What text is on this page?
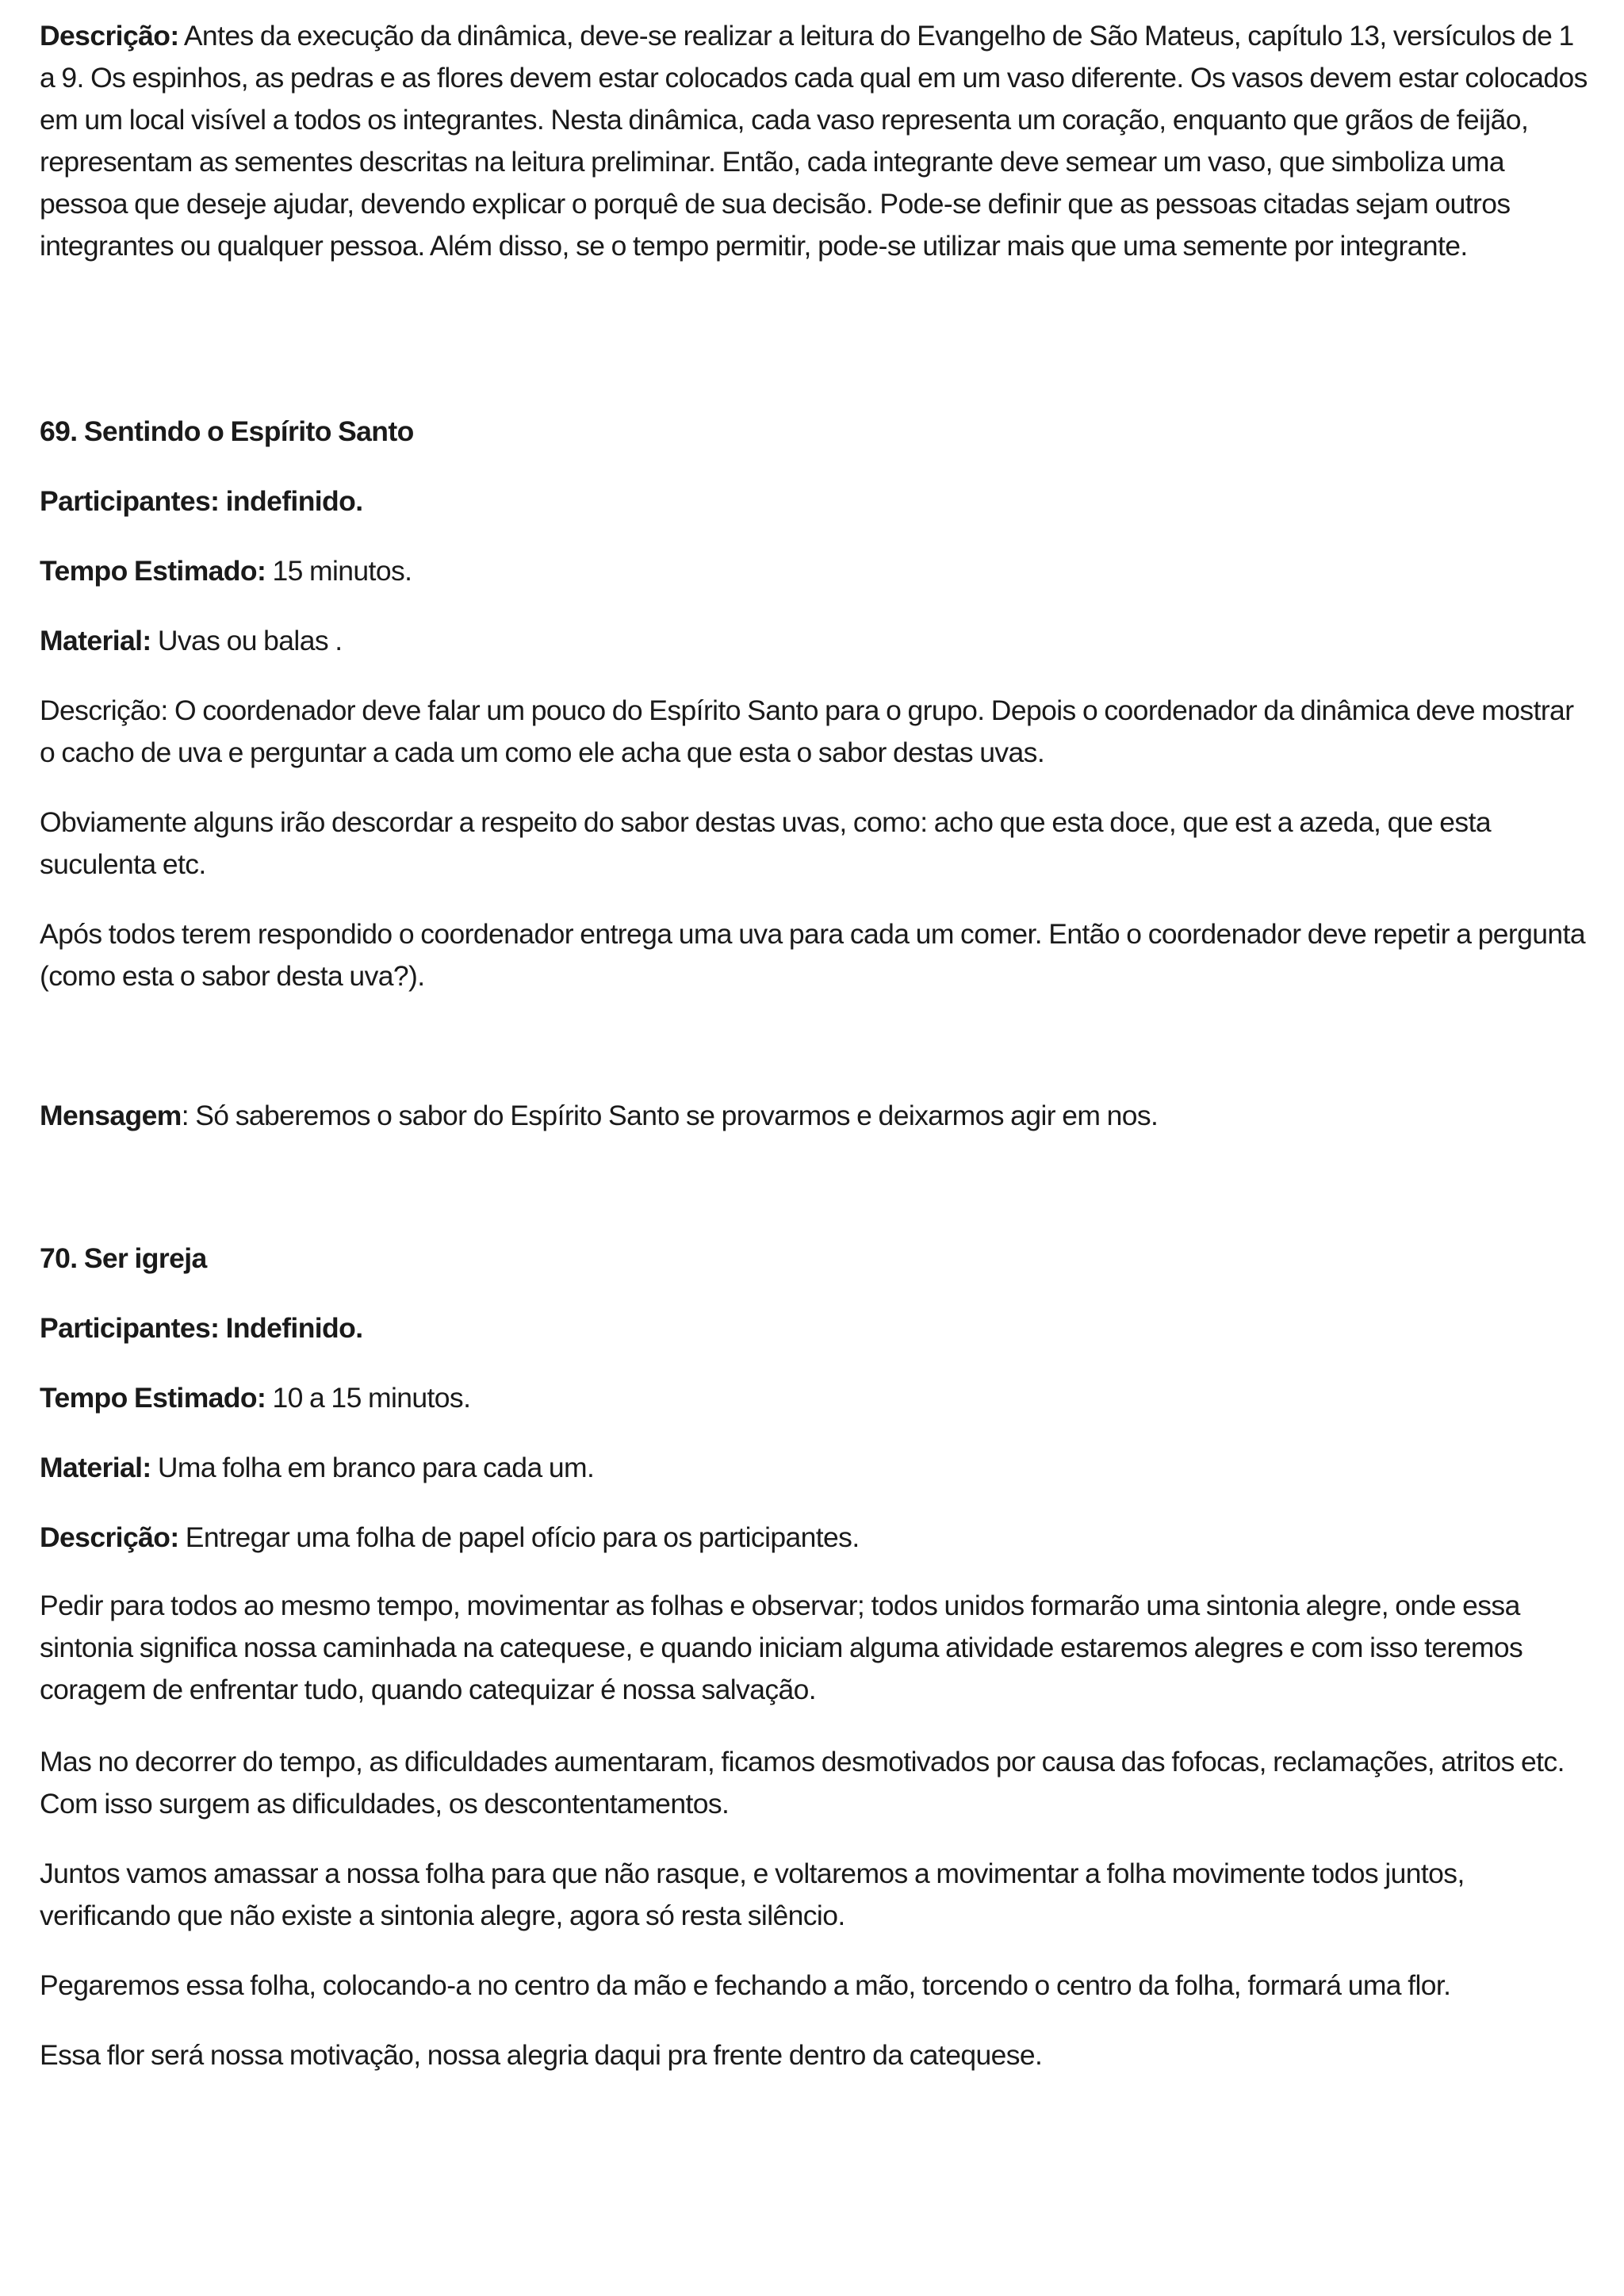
Descrição: Antes da execução da dinâmica, deve-se realizar a leitura do Evangelho de São Mateus, capítulo 13, versículos de 1 a 9. Os espinhos, as pedras e as flores devem estar colocados cada qual em um vaso diferente. Os vasos devem estar colocados em um local visível a todos os integrantes. Nesta dinâmica, cada vaso representa um coração, enquanto que grãos de feijão, representam as sementes descritas na leitura preliminar. Então, cada integrante deve semear um vaso, que simboliza uma pessoa que deseje ajudar, devendo explicar o porquê de sua decisão. Pode-se definir que as pessoas citadas sejam outros integrantes ou qualquer pessoa. Além disso, se o tempo permitir, pode-se utilizar mais que uma semente por integrante.

69. Sentindo o Espírito Santo

Participantes: indefinido.

Tempo Estimado: 15 minutos.

Material: Uvas ou balas .

Descrição: O coordenador deve falar um pouco do Espírito Santo para o grupo. Depois o coordenador da dinâmica deve mostrar o cacho de uva e perguntar a cada um como ele acha que esta o sabor destas uvas.

Obviamente alguns irão descordar a respeito do sabor destas uvas, como: acho que esta doce, que est a azeda, que esta suculenta etc.

Após todos terem respondido o coordenador entrega uma uva para cada um comer. Então o coordenador deve repetir a pergunta (como esta o sabor desta uva?).

Mensagem: Só saberemos o sabor do Espírito Santo se provarmos e deixarmos agir em nos.

70. Ser igreja

Participantes: Indefinido.

Tempo Estimado: 10 a 15 minutos.

Material: Uma folha em branco para cada um.

Descrição: Entregar uma folha de papel ofício para os participantes.

Pedir para todos ao mesmo tempo, movimentar as folhas e observar; todos unidos formarão uma sintonia alegre, onde essa sintonia significa nossa caminhada na catequese, e quando iniciam alguma atividade estaremos alegres e com isso teremos coragem de enfrentar tudo, quando catequizar é nossa salvação.

Mas no decorrer do tempo, as dificuldades aumentaram, ficamos desmotivados por causa das fofocas, reclamações, atritos etc. Com isso surgem as dificuldades, os descontentamentos.

Juntos vamos amassar a nossa folha para que não rasque, e voltaremos a movimentar a folha movimente todos juntos, verificando que não existe a sintonia alegre, agora só resta silêncio.

Pegaremos essa folha, colocando-a no centro da mão e fechando a mão, torcendo o centro da folha, formará uma flor.

Essa flor será nossa motivação, nossa alegria daqui pra frente dentro da catequese.
